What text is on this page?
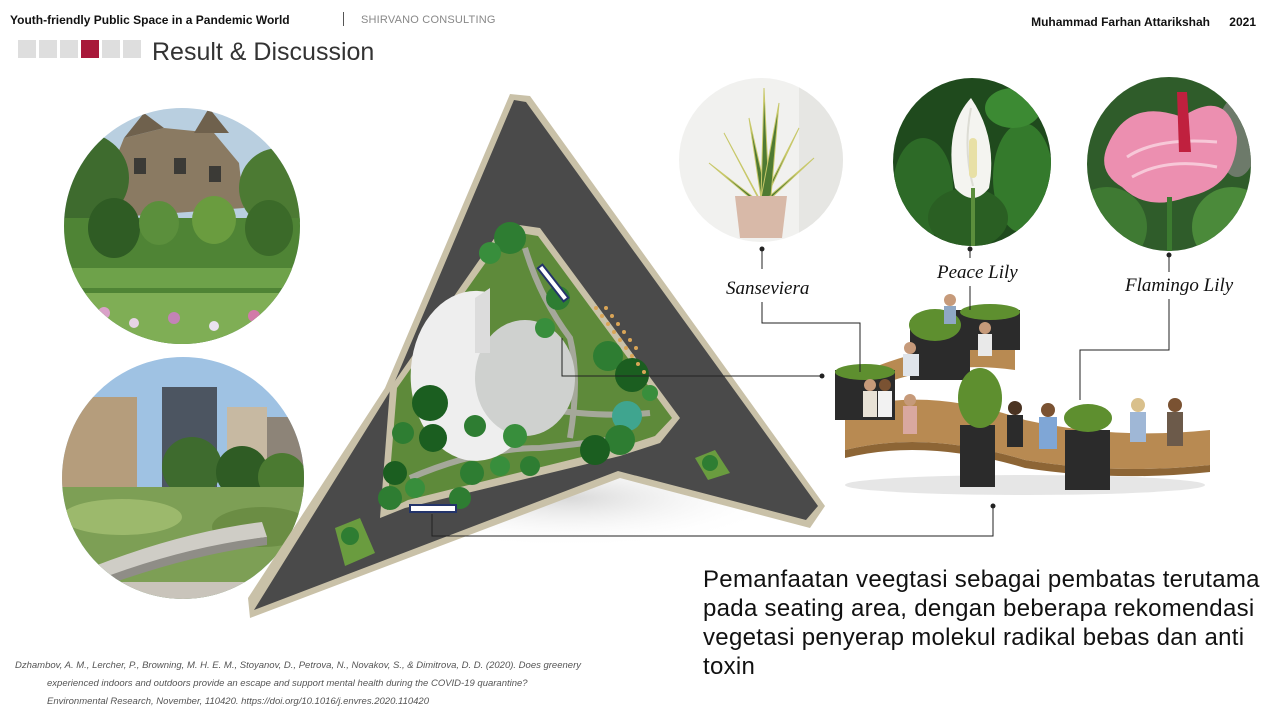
Youth-friendly Public Space in a Pandemic World	SHIRVANO CONSULTING	Muhammad Farhan Attarikshah 2021
Result & Discussion
Sanseviera
Peace Lily
Flamingo Lily
Pemanfaatan veegtasi sebagai pembatas terutama pada seating area, dengan beberapa rekomendasi vegetasi penyerap molekul radikal bebas dan anti toxin
Dzhambov, A. M., Lercher, P., Browning, M. H. E. M., Stoyanov, D., Petrova, N., Novakov, S., & Dimitrova, D. D. (2020). Does greenery
experienced indoors and outdoors provide an escape and support mental health during the COVID-19 quarantine?
Environmental Research, November, 110420. https://doi.org/10.1016/j.envres.2020.110420
